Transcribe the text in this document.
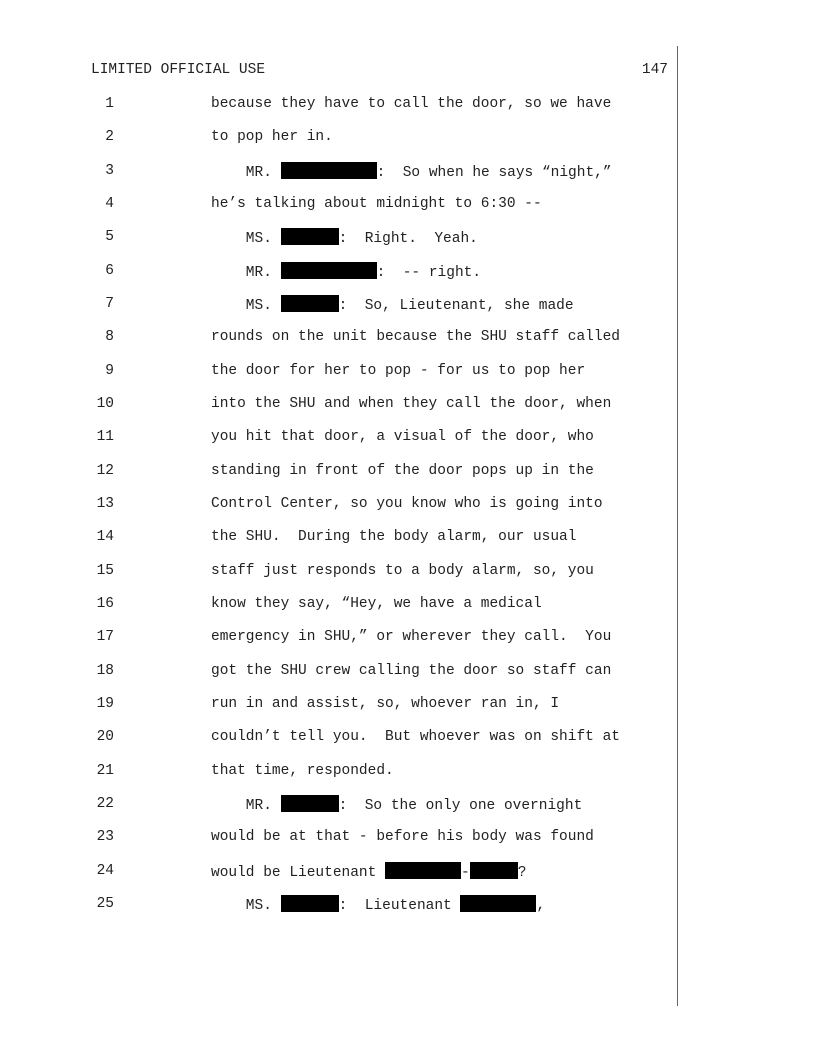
LIMITED OFFICIAL USE	147
1	because they have to call the door, so we have
2	to pop her in.
3	MR.	:  So when he says “night,”
4	he’s talking about midnight to 6:30 --
5	MS.	:  Right.  Yeah.
6	MR.	:  -- right.
7	MS.	:  So, Lieutenant, she made
8	rounds on the unit because the SHU staff called
9	the door for her to pop - for us to pop her
10	into the SHU and when they call the door, when
11	you hit that door, a visual of the door, who
12	standing in front of the door pops up in the
13	Control Center, so you know who is going into
14	the SHU.  During the body alarm, our usual
15	staff just responds to a body alarm, so, you
16	know they say, “Hey, we have a medical
17	emergency in SHU,” or wherever they call.  You
18	got the SHU crew calling the door so staff can
19	run in and assist, so, whoever ran in, I
20	couldn’t tell you.  But whoever was on shift at
21	that time, responded.
22	MR.	:  So the only one overnight
23	would be at that - before his body was found
24	would be Lieutenant	-	?
25	MS.	:  Lieutenant	,
